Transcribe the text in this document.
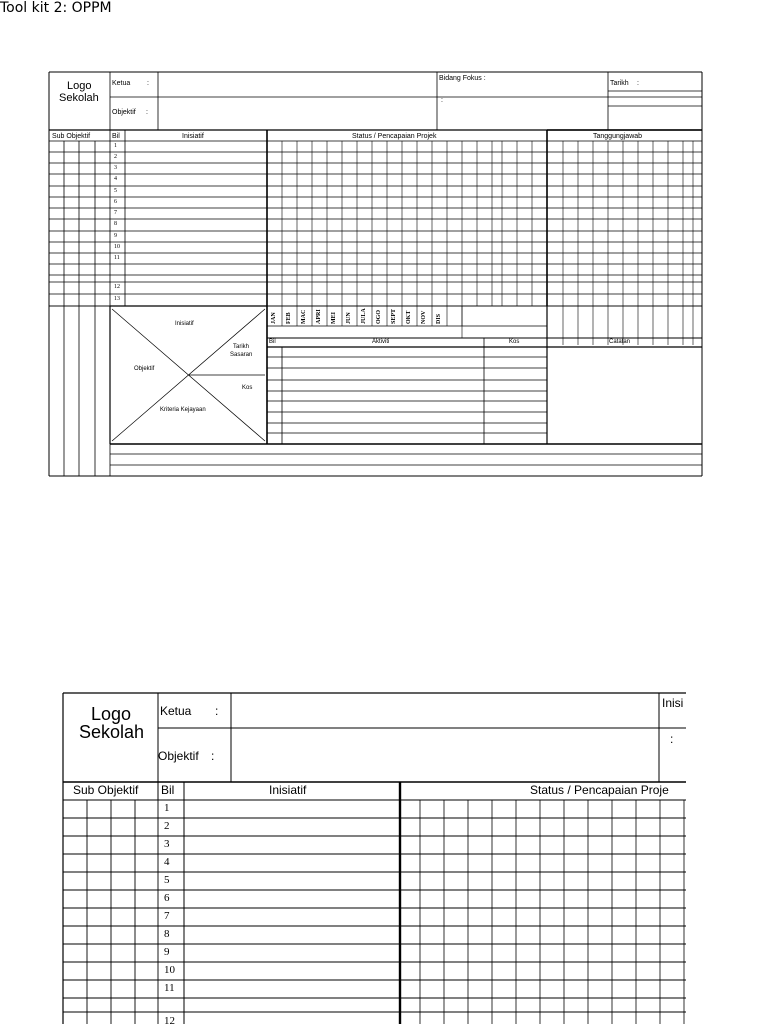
Tool kit 2: OPPM
Logo
Sekolah
Ketua :
Objektif :
Bidang Fokus :
:
Tarikh :
Sub Objektif	Bil	Inisiatif	Status / Pencapaian Projek	Tanggungjawab
1
2
3
4
5
6
7
8
9
10
11
12
13
JAN FEB MAC APRI MEI JUN JULA OGO SEPT OKT NOV DIS
Inisiatif
Tarikh
Sasaran
Objektif
Kos
Kriteria Kejayaan
Bil	Aktiviti	Kos	Catatan
Logo
Sekolah
Ketua :
Objektif :
Inisi
:
Sub Objektif Bil	Inisiatif	Status / Pencapaian Proje
1
2
3
4
5
6
7
8
9
10
11
12
